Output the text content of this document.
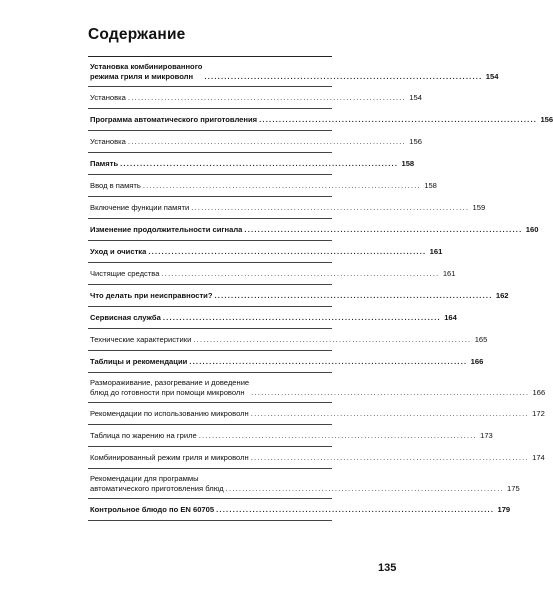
Содержание
Установка комбинированного
режима гриля и микроволн	.................................................................................... 154
Установка .................................................................................... 154
Программа автоматического приготовления .................................................................................... 156
Установка .................................................................................... 156
Память .................................................................................... 158
Ввод в память .................................................................................... 158
Включение функции памяти .................................................................................... 159
Изменение продолжительности сигнала .................................................................................... 160
Уход и очистка .................................................................................... 161
Чистящие средства .................................................................................... 161
Что делать при неисправности? .................................................................................... 162
Сервисная служба .................................................................................... 164
Технические характеристики .................................................................................... 165
Таблицы и рекомендации .................................................................................... 166
Размораживание, разогревание и доведение
блюд до готовности при помощи микроволн .................................................................................... 166
Рекомендации по использованию микроволн .................................................................................... 172
Таблица по жарению на гриле .................................................................................... 173
Комбинированный режим гриля и микроволн .................................................................................... 174
Рекомендации для программы
автоматического приготовления блюд .................................................................................... 175
Контрольное блюдо по EN 60705 .................................................................................... 179
135
